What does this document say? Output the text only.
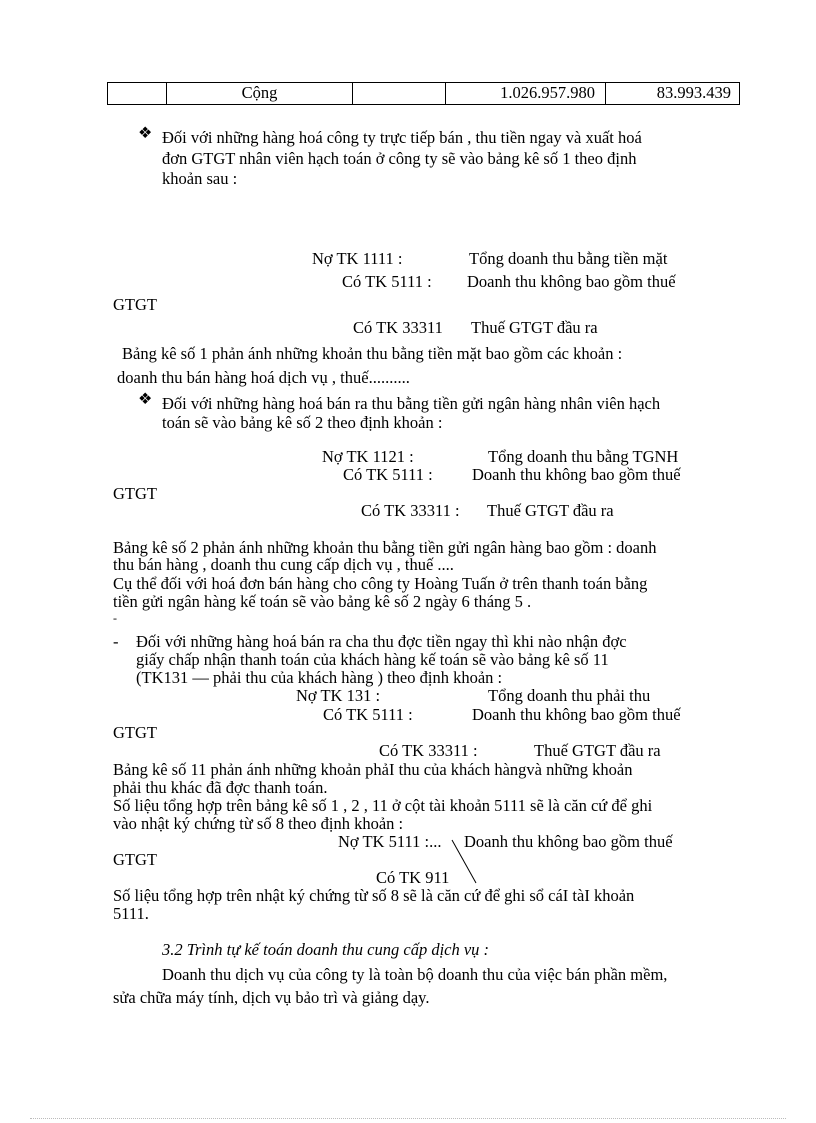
	Cộng		1.026.957.980	83.993.439
❖ Đối với những hàng hoá công ty trực tiếp bán , thu tiền ngay và xuất hoá
đơn GTGT nhân viên hạch toán ở công ty sẽ vào bảng kê số 1 theo định
khoản sau :
Nợ TK 1111 :	Tổng doanh thu bằng tiền mặt
Có TK 5111 : Doanh thu không bao gồm thuế
GTGT
Có TK 33311 Thuế GTGT đầu ra
Bảng kê số 1 phản ánh những khoản thu bằng tiền mặt bao gồm các khoản :
doanh thu bán hàng hoá dịch vụ , thuế..........
❖ Đối với những hàng hoá bán ra thu bằng tiền gửi ngân hàng nhân viên hạch
toán sẽ vào bảng kê số 2 theo định khoản :
Nợ TK 1121 :	Tổng doanh thu bằng TGNH
Có TK 5111 : Doanh thu không bao gồm thuế
GTGT
Có TK 33311 : Thuế GTGT đầu ra
Bảng kê số 2 phản ánh những khoản thu bằng tiền gửi ngân hàng bao gồm : doanh
thu bán hàng , doanh thu cung cấp dịch vụ , thuế ....
Cụ thể đối với hoá đơn bán hàng cho công ty Hoàng Tuấn ở trên thanh toán bằng
tiền gửi ngân hàng kế toán sẽ vào bảng kê số 2 ngày 6 tháng 5 .
-
- Đối với những hàng hoá bán ra cha thu đợc tiền ngay thì khi nào nhận đợc
giấy chấp nhận thanh toán của khách hàng kế toán sẽ vào bảng kê số 11
(TK131 — phải thu của khách hàng ) theo định khoản :
Nợ TK 131 :	Tổng doanh thu phải thu
Có TK 5111 :	Doanh thu không bao gồm thuế
GTGT
Có TK 33311 :	Thuế GTGT đầu ra
Bảng kê số 11 phản ánh những khoản phảI thu của khách hàngvà những khoản
phải thu khác đã đợc thanh toán.
Số liệu tổng hợp trên bảng kê số 1 , 2 , 11 ở cột tài khoản 5111 sẽ là căn cứ để ghi
vào nhật ký chứng từ số 8 theo định khoản :
Nợ TK 5111 :... Doanh thu không bao gồm thuế
GTGT
Có TK 911
Số liệu tổng hợp trên nhật ký chứng từ số 8 sẽ là căn cứ để ghi sổ cáI tàI khoản
5111.
3.2 Trình tự kế toán doanh thu cung cấp dịch vụ :
Doanh thu dịch vụ của công ty là toàn bộ doanh thu của việc bán phần mềm,
sửa chữa máy tính, dịch vụ bảo trì và giảng dạy.
